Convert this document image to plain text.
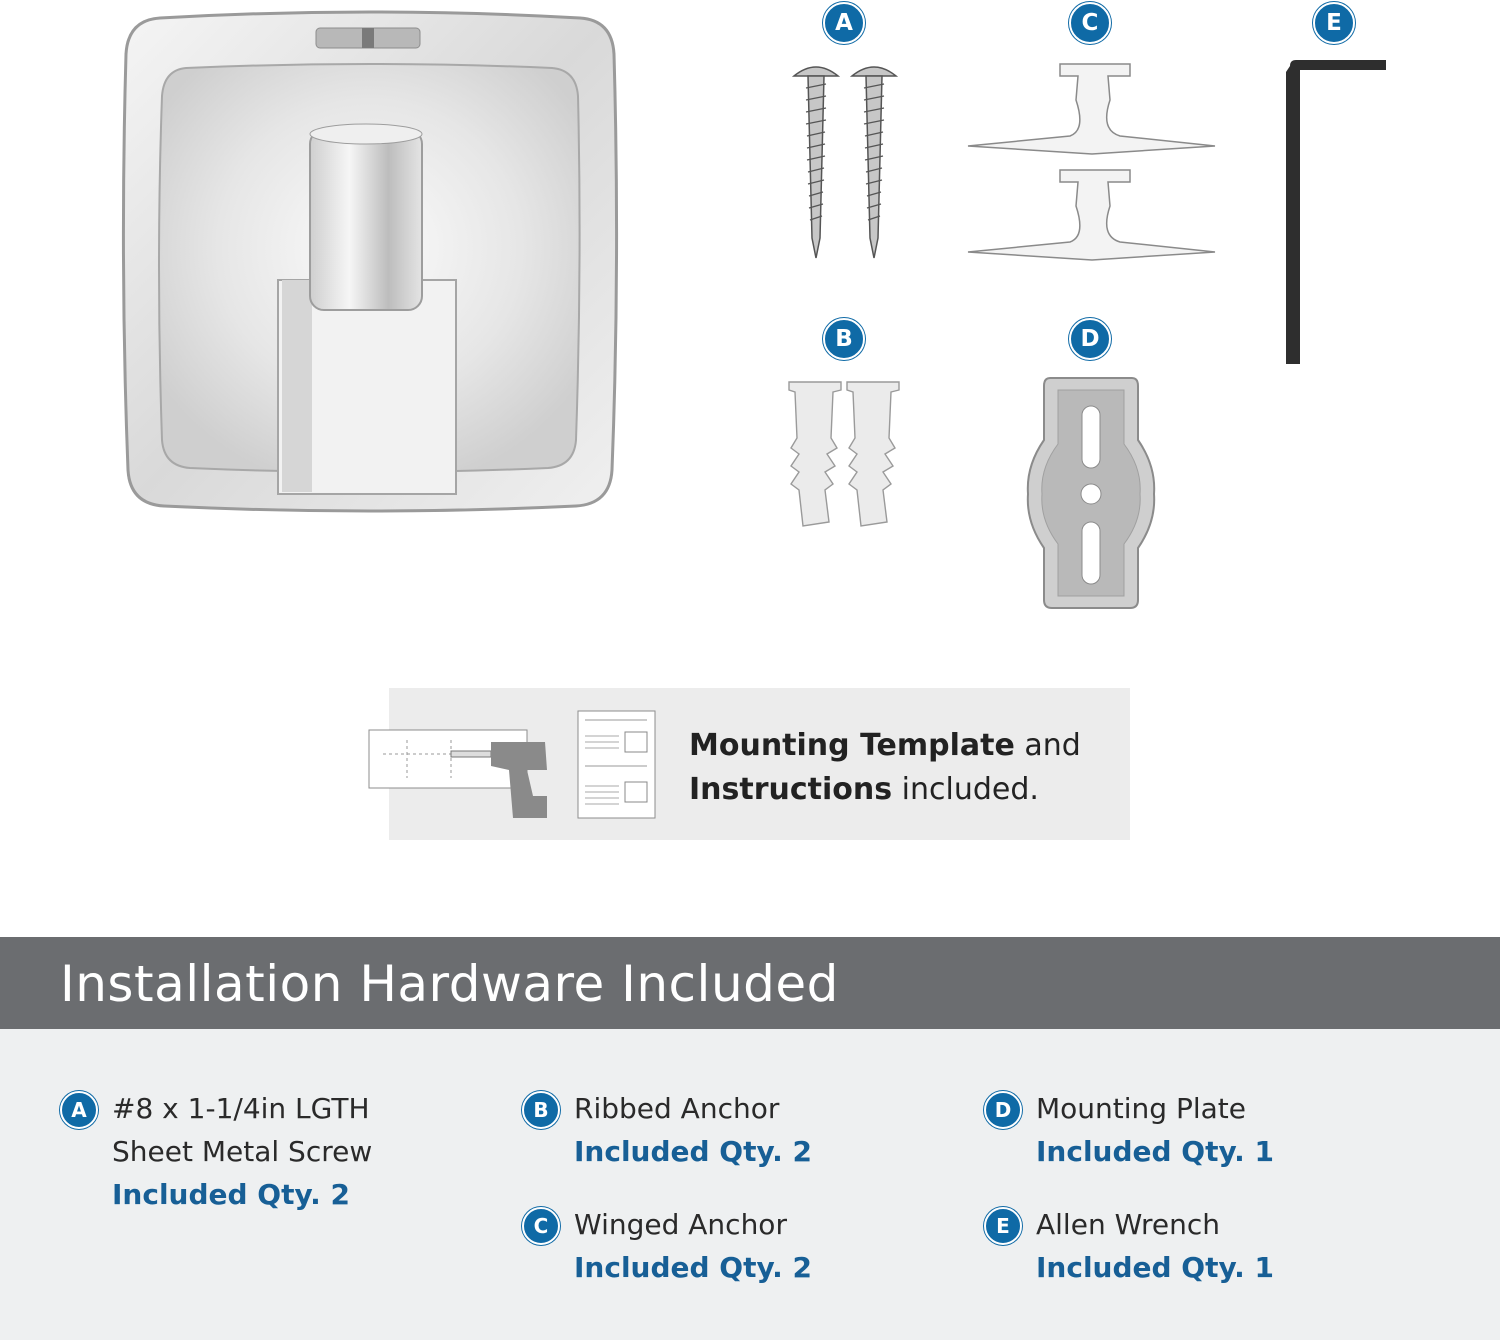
A	C	E
B	D
Mounting Template and
Instructions included.
Installation Hardware Included
A #8 x 1-1/4in LGTH
Sheet Metal Screw
Included Qty. 2
B Ribbed Anchor
Included Qty. 2
C Winged Anchor
Included Qty. 2
D Mounting Plate
Included Qty. 1
E Allen Wrench
Included Qty. 1
